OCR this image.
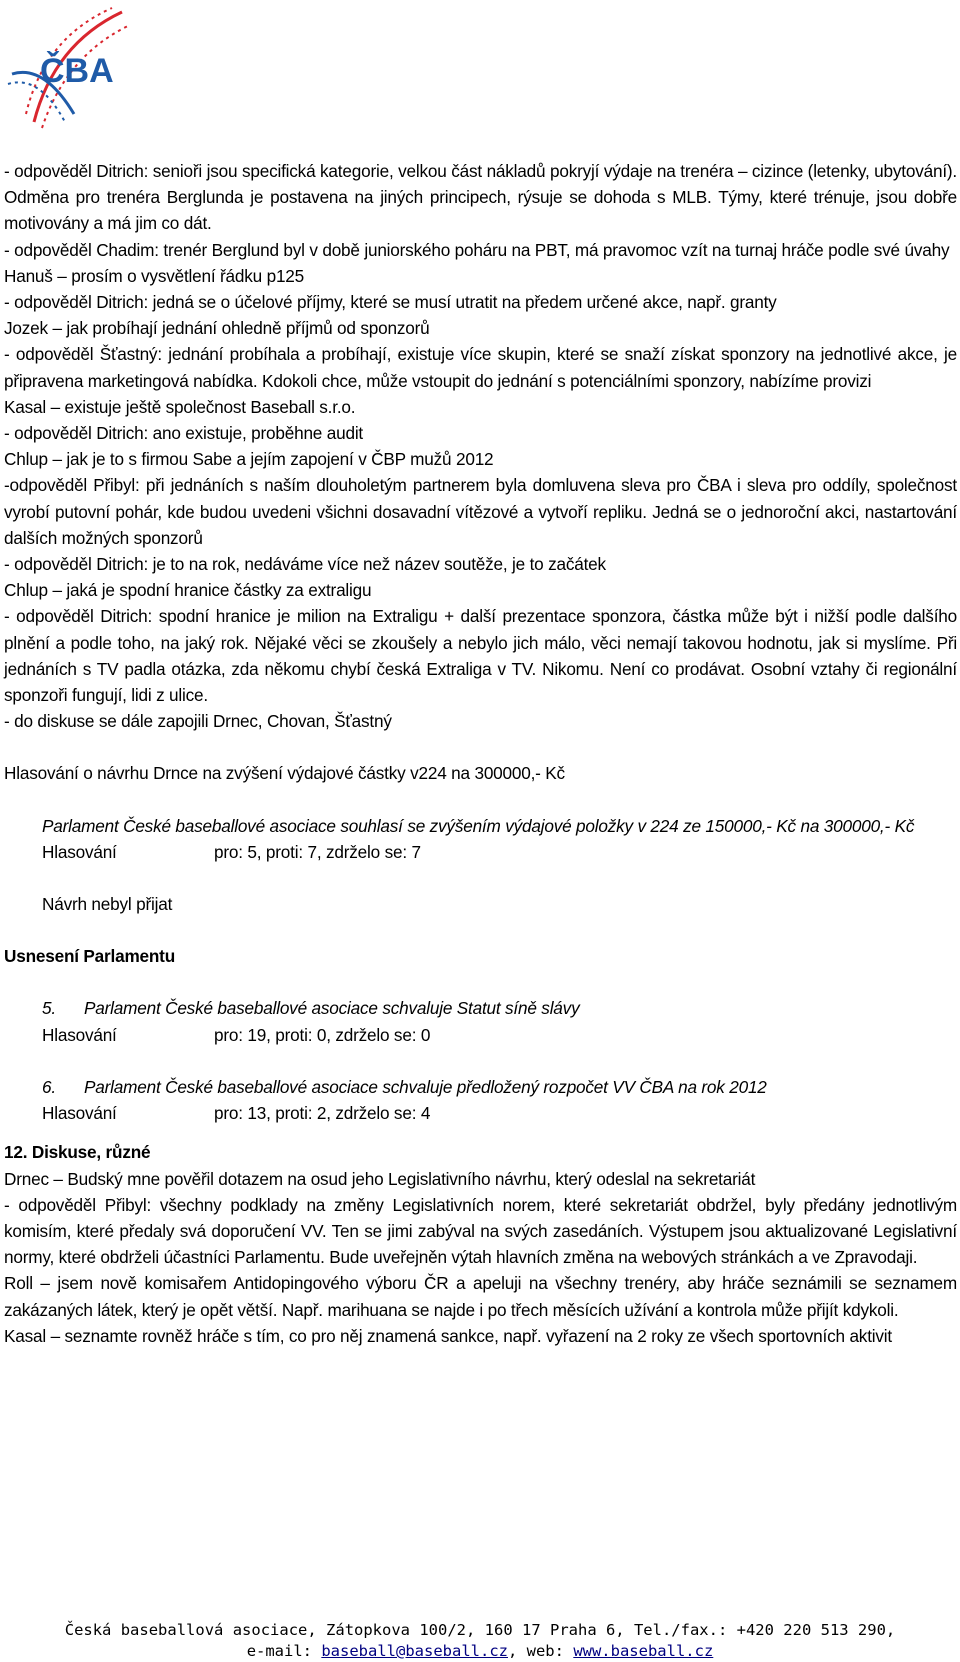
ČBA

- odpověděl Ditrich: senioři jsou specifická kategorie, velkou část nákladů pokryjí výdaje na trenéra – cizince (letenky, ubytování). Odměna pro trenéra Berglunda je postavena na jiných principech, rýsuje se dohoda s MLB. Týmy, které trénuje, jsou dobře motivovány a má jim co dát.

- odpověděl Chadim: trenér Berglund byl v době juniorského poháru na PBT, má pravomoc vzít na turnaj hráče podle své úvahy

Hanuš – prosím o vysvětlení řádku p125

- odpověděl Ditrich: jedná se o účelové příjmy, které se musí utratit na předem určené akce, např. granty

Jozek – jak probíhají jednání ohledně příjmů od sponzorů

- odpověděl Šťastný: jednání probíhala a probíhají, existuje více skupin, které se snaží získat sponzory na jednotlivé akce, je připravena marketingová nabídka. Kdokoli chce, může vstoupit do jednání s potenciálními sponzory, nabízíme provizi

Kasal – existuje ještě společnost Baseball s.r.o.

- odpověděl Ditrich: ano existuje, proběhne audit

Chlup – jak je to s firmou Sabe a jejím zapojení v ČBP mužů 2012

-odpověděl Přibyl: při jednáních s naším dlouholetým partnerem byla domluvena sleva pro ČBA i sleva pro oddíly, společnost vyrobí putovní pohár, kde budou uvedeni všichni dosavadní vítězové a vytvoří repliku. Jedná se o jednoroční akci, nastartování dalších možných sponzorů

- odpověděl Ditrich: je to na rok, nedáváme více než název soutěže, je to začátek

Chlup – jaká je spodní hranice částky za extraligu

- odpověděl Ditrich: spodní hranice je milion na Extraligu + další prezentace sponzora, částka může být i nižší podle dalšího plnění a podle toho, na jaký rok. Nějaké věci se zkoušely a nebylo jich málo, věci nemají takovou hodnotu, jak si myslíme. Při jednáních s TV padla otázka, zda někomu chybí česká Extraliga v TV. Nikomu. Není co prodávat. Osobní vztahy či regionální sponzoři fungují, lidi z ulice.

- do diskuse se dále zapojili Drnec, Chovan, Šťastný

Hlasování o návrhu Drnce na zvýšení výdajové částky v224 na 300000,- Kč

Parlament České baseballové asociace souhlasí se zvýšením výdajové položky v 224 ze 150000,- Kč na 300000,- Kč

Hlasování	pro: 5, proti: 7, zdrželo se: 7

Návrh nebyl přijat

Usnesení Parlamentu

5.	Parlament České baseballové asociace schvaluje Statut síně slávy
Hlasování	pro: 19, proti: 0, zdrželo se: 0
6.	Parlament České baseballové asociace schvaluje předložený rozpočet VV ČBA na rok 2012
Hlasování	pro: 13, proti: 2, zdrželo se: 4

12. Diskuse, různé

Drnec – Budský mne pověřil dotazem na osud jeho Legislativního návrhu, který odeslal na sekretariát

- odpověděl Přibyl: všechny podklady na změny Legislativních norem, které sekretariát obdržel, byly předány jednotlivým komisím, které předaly svá doporučení VV. Ten se jimi zabýval na svých zasedáních. Výstupem jsou aktualizované Legislativní normy, které obdrželi účastníci Parlamentu. Bude uveřejněn výtah hlavních změna na webových stránkách a ve Zpravodaji.

Roll – jsem nově komisařem Antidopingového výboru ČR a apeluji na všechny trenéry, aby hráče seznámili se seznamem zakázaných látek, který je opět větší. Např. marihuana se najde i po třech měsících užívání a kontrola může přijít kdykoli.

Kasal – seznamte rovněž hráče s tím, co pro něj znamená sankce, např. vyřazení na 2 roky ze všech sportovních aktivit

Česká baseballová asociace, Zátopkova 100/2, 160 17 Praha 6, Tel./fax.: +420 220 513 290,
e-mail: baseball@baseball.cz, web: www.baseball.cz
